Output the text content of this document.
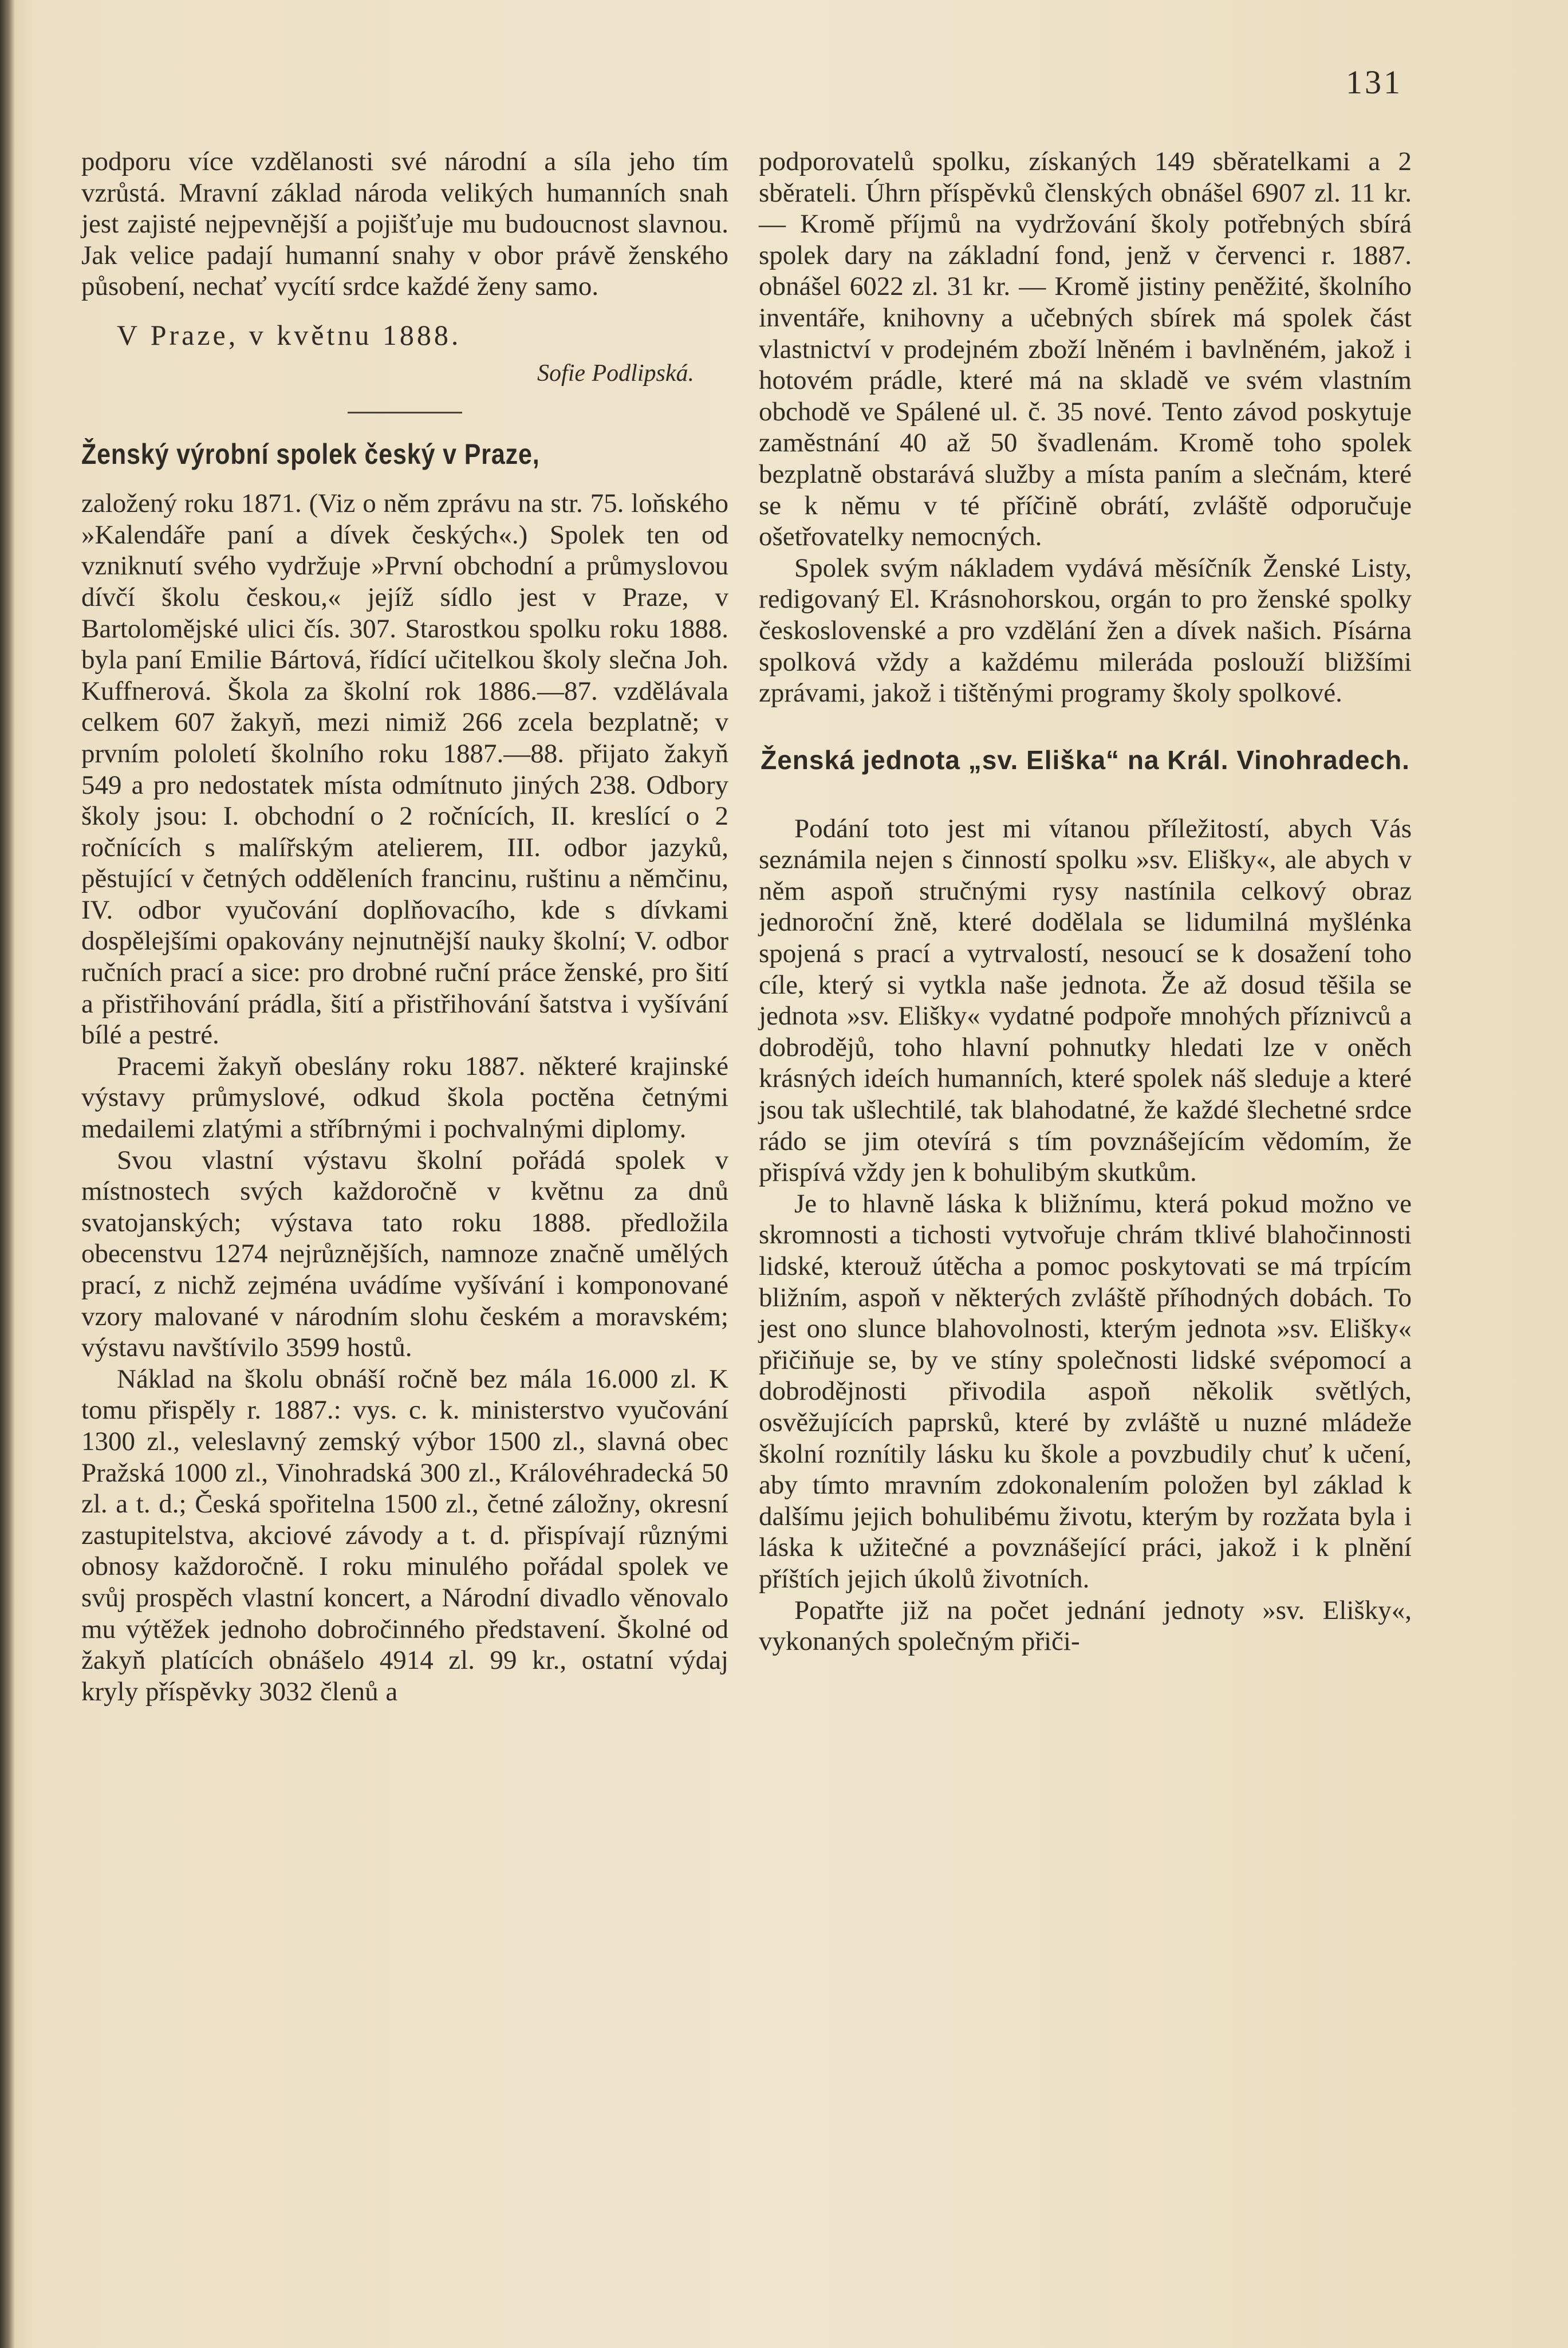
131

podporu více vzdělanosti své národní a síla jeho tím vzrůstá. Mravní základ národa velikých humanních snah jest zajisté nejpevnější a pojišťuje mu budoucnost slavnou. Jak velice padají humanní snahy v obor právě ženského působení, nechať vycítí srdce každé ženy samo.

V Praze, v květnu 1888.

Sofie Podlipská.

Ženský výrobní spolek český v Praze,

založený roku 1871. (Viz o něm zprávu na str. 75. loňského »Kalendáře paní a dívek českých«.) Spolek ten od vzniknutí svého vydržuje »První obchodní a průmyslovou dívčí školu českou,« jejíž sídlo jest v Praze, v Bartolomějské ulici čís. 307. Starostkou spolku roku 1888. byla paní Emilie Bártová, řídící učitelkou školy slečna Joh. Kuffnerová. Škola za školní rok 1886.—87. vzdělávala celkem 607 žakyň, mezi nimiž 266 zcela bezplatně; v prvním pololetí školního roku 1887.—88. přijato žakyň 549 a pro nedostatek místa odmítnuto jiných 238. Odbory školy jsou: I. obchodní o 2 ročnících, II. kreslící o 2 ročnících s malířským atelierem, III. odbor jazyků, pěstující v četných odděleních francinu, ruštinu a němčinu, IV. odbor vyučování doplňovacího, kde s dívkami dospělejšími opakovány nejnutnější nauky školní; V. odbor ručních prací a sice: pro drobné ruční práce ženské, pro šití a přistřihování prádla, šití a přistřihování šatstva i vyšívání bílé a pestré.

Pracemi žakyň obeslány roku 1887. některé krajinské výstavy průmyslové, odkud škola poctěna četnými medailemi zlatými a stříbrnými i pochvalnými diplomy.

Svou vlastní výstavu školní pořádá spolek v místnostech svých každoročně v květnu za dnů svatojanských; výstava tato roku 1888. předložila obecenstvu 1274 nejrůznějších, namnoze značně umělých prací, z nichž zejména uvádíme vyšívání i komponované vzory malované v národním slohu českém a moravském; výstavu navštívilo 3599 hostů.

Náklad na školu obnáší ročně bez mála 16.000 zl. K tomu přispěly r. 1887.: vys. c. k. ministerstvo vyučování 1300 zl., veleslavný zemský výbor 1500 zl., slavná obec Pražská 1000 zl., Vinohradská 300 zl., Královéhradecká 50 zl. a t. d.; Česká spořitelna 1500 zl., četné záložny, okresní zastupitelstva, akciové závody a t. d. přispívají různými obnosy každoročně. I roku minulého pořádal spolek ve svůj prospěch vlastní koncert, a Národní divadlo věnovalo mu výtěžek jednoho dobročinného představení. Školné od žakyň platících obnášelo 4914 zl. 99 kr., ostatní výdaj kryly příspěvky 3032 členů a

podporovatelů spolku, získaných 149 sběratelkami a 2 sběrateli. Úhrn příspěvků členských obnášel 6907 zl. 11 kr. — Kromě příjmů na vydržování školy potřebných sbírá spolek dary na základní fond, jenž v červenci r. 1887. obnášel 6022 zl. 31 kr. — Kromě jistiny peněžité, školního inventáře, knihovny a učebných sbírek má spolek část vlastnictví v prodejném zboží lněném i bavlněném, jakož i hotovém prádle, které má na skladě ve svém vlastním obchodě ve Spálené ul. č. 35 nové. Tento závod poskytuje zaměstnání 40 až 50 švadlenám. Kromě toho spolek bezplatně obstarává služby a místa paním a slečnám, které se k němu v té příčině obrátí, zvláště odporučuje ošetřovatelky nemocných.

Spolek svým nákladem vydává měsíčník Ženské Listy, redigovaný El. Krásnohorskou, orgán to pro ženské spolky československé a pro vzdělání žen a dívek našich. Písárna spolková vždy a každému mileráda poslouží bližšími zprávami, jakož i tištěnými programy školy spolkové.

Ženská jednota „sv. Eliška“ na Král. Vinohradech.

Podání toto jest mi vítanou příležitostí, abych Vás seznámila nejen s činností spolku »sv. Elišky«, ale abych v něm aspoň stručnými rysy nastínila celkový obraz jednoroční žně, které dodělala se lidumilná myšlénka spojená s prací a vytrvalostí, nesoucí se k dosažení toho cíle, který si vytkla naše jednota. Že až dosud těšila se jednota »sv. Elišky« vydatné podpoře mnohých příznivců a dobrodějů, toho hlavní pohnutky hledati lze v oněch krásných ideích humanních, které spolek náš sleduje a které jsou tak ušlechtilé, tak blahodatné, že každé šlechetné srdce rádo se jim otevírá s tím povznášejícím vědomím, že přispívá vždy jen k bohulibým skutkům.

Je to hlavně láska k bližnímu, která pokud možno ve skromnosti a tichosti vytvořuje chrám tklivé blahočinnosti lidské, kterouž útěcha a pomoc poskytovati se má trpícím bližním, aspoň v některých zvláště příhodných dobách. To jest ono slunce blahovolnosti, kterým jednota »sv. Elišky« přičiňuje se, by ve stíny společnosti lidské svépomocí a dobrodějnosti přivodila aspoň několik světlých, osvěžujících paprsků, které by zvláště u nuzné mládeže školní roznítily lásku ku škole a povzbudily chuť k učení, aby tímto mravním zdokonalením položen byl základ k dalšímu jejich bohulibému životu, kterým by rozžata byla i láska k užitečné a povznášející práci, jakož i k plnění příštích jejich úkolů životních.

Popatřte již na počet jednání jednoty »sv. Elišky«, vykonaných společným přiči-
